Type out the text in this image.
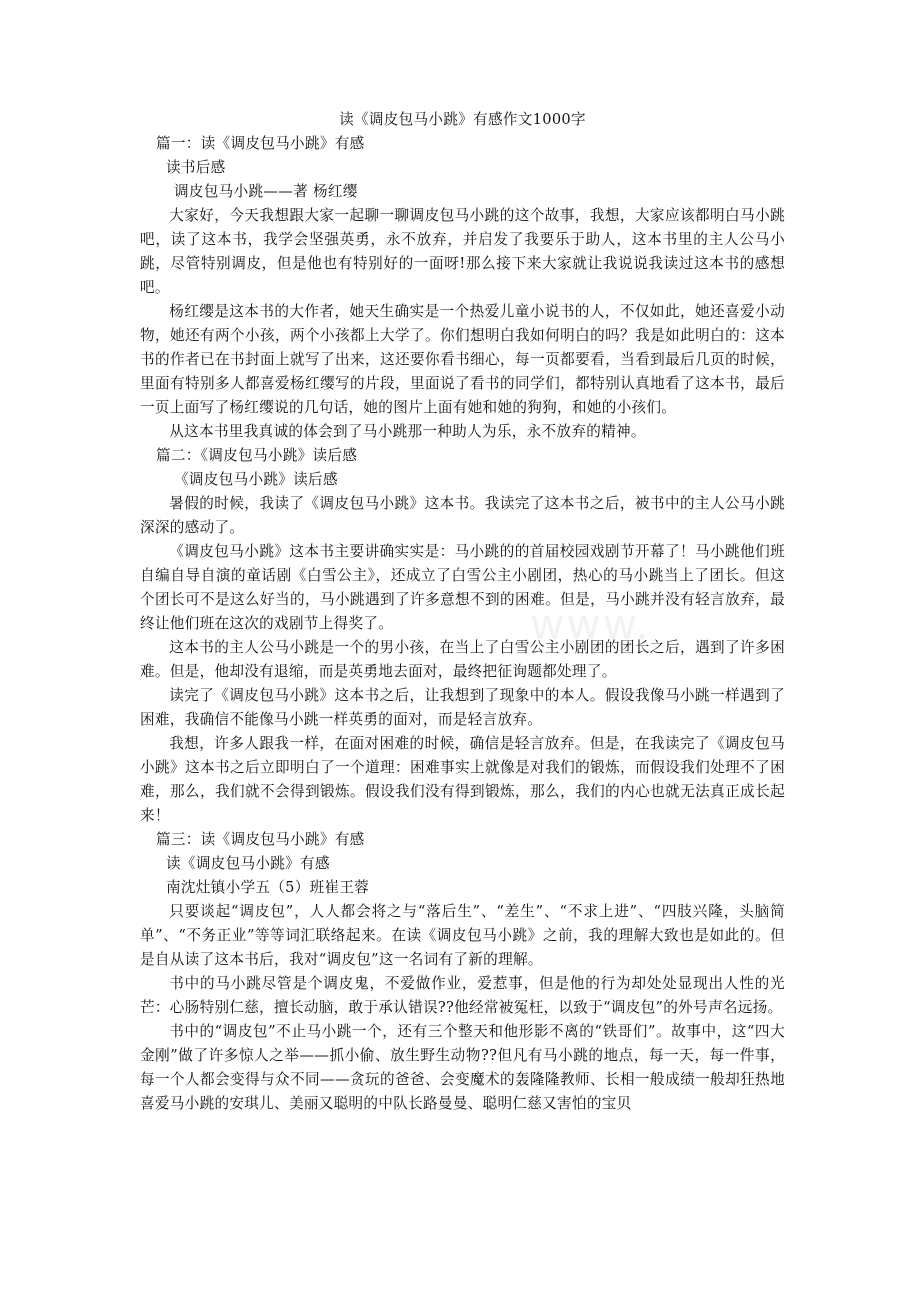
www.

读《调皮包马小跳》有感作文1000字

篇一：读《调皮包马小跳》有感

读书后感

调皮包马小跳——著 杨红缨

大家好，今天我想跟大家一起聊一聊调皮包马小跳的这个故事，我想，大家应该都明白马小跳吧，读了这本书，我学会坚强英勇，永不放弃，并启发了我要乐于助人，这本书里的主人公马小跳，尽管特别调皮，但是他也有特别好的一面呀!那么接下来大家就让我说说我读过这本书的感想吧。

杨红缨是这本书的大作者，她天生确实是一个热爱儿童小说书的人，不仅如此，她还喜爱小动物，她还有两个小孩，两个小孩都上大学了。你们想明白我如何明白的吗？我是如此明白的：这本书的作者已在书封面上就写了出来，这还要你看书细心，每一页都要看，当看到最后几页的时候，里面有特别多人都喜爱杨红缨写的片段，里面说了看书的同学们，都特别认真地看了这本书，最后一页上面写了杨红缨说的几句话，她的图片上面有她和她的狗狗，和她的小孩们。

从这本书里我真诚的体会到了马小跳那一种助人为乐，永不放弃的精神。

篇二：《调皮包马小跳》读后感

《调皮包马小跳》读后感

暑假的时候，我读了《调皮包马小跳》这本书。我读完了这本书之后，被书中的主人公马小跳深深的感动了。

《调皮包马小跳》这本书主要讲确实实是：马小跳的的首届校园戏剧节开幕了！马小跳他们班自编自导自演的童话剧《白雪公主》，还成立了白雪公主小剧团，热心的马小跳当上了团长。但这个团长可不是这么好当的，马小跳遇到了许多意想不到的困难。但是，马小跳并没有轻言放弃，最终让他们班在这次的戏剧节上得奖了。

这本书的主人公马小跳是一个的男小孩，在当上了白雪公主小剧团的团长之后，遇到了许多困难。但是，他却没有退缩，而是英勇地去面对，最终把征询题都处理了。

读完了《调皮包马小跳》这本书之后，让我想到了现象中的本人。假设我像马小跳一样遇到了困难，我确信不能像马小跳一样英勇的面对，而是轻言放弃。

我想，许多人跟我一样，在面对困难的时候，确信是轻言放弃。但是，在我读完了《调皮包马小跳》这本书之后立即明白了一个道理：困难事实上就像是对我们的锻炼，而假设我们处理不了困难，那么，我们就不会得到锻炼。假设我们没有得到锻炼，那么，我们的内心也就无法真正成长起来！

篇三：读《调皮包马小跳》有感

读《调皮包马小跳》有感

南沈灶镇小学五（5）班崔王蓉

只要谈起“调皮包”，人人都会将之与“落后生”、“差生”、“不求上进”、“四肢兴隆，头脑简单”、“不务正业”等等词汇联络起来。在读《调皮包马小跳》之前，我的理解大致也是如此的。但是自从读了这本书后，我对“调皮包”这一名词有了新的理解。

书中的马小跳尽管是个调皮鬼，不爱做作业，爱惹事，但是他的行为却处处显现出人性的光芒：心肠特别仁慈，擅长动脑，敢于承认错误??他经常被冤枉，以致于“调皮包”的外号声名远扬。

书中的“调皮包”不止马小跳一个，还有三个整天和他形影不离的“铁哥们”。故事中，这“四大金刚”做了许多惊人之举——抓小偷、放生野生动物??但凡有马小跳的地点，每一天，每一件事，每一个人都会变得与众不同——贪玩的爸爸、会变魔术的轰隆隆教师、长相一般成绩一般却狂热地喜爱马小跳的安琪儿、美丽又聪明的中队长路曼曼、聪明仁慈又害怕的宝贝
